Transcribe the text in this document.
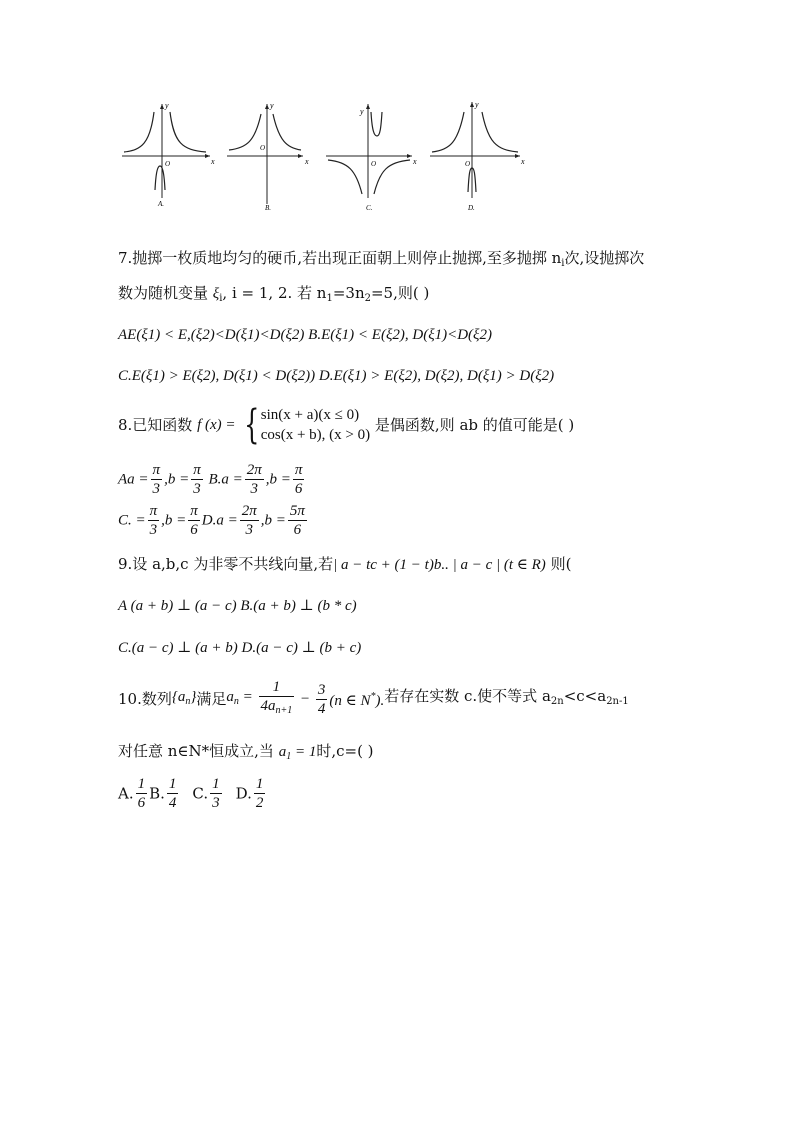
y
x
O
A.
y
x
O
B.
y
x
O
C.
y
x
O
D.
7.抛掷一枚质地均匀的硬币,若出现正面朝上则停止抛掷,至多抛掷 $n_i$次,设抛掷次
数为随机变量 $\xi_i$, i = 1, 2. 若 $n_1=3n_2=5$,则( )
AE(ξ1) < E,(ξ2)<D(ξ1)<D(ξ2) B.E(ξ1) < E(ξ2), D(ξ1)<D(ξ2)
C.E(ξ1) > E(ξ2), D(ξ1) < D(ξ2)) D.E(ξ1) > E(ξ2), D(ξ2), D(ξ1) > D(ξ2)
8.已知函数 f (x) = { sin(x + a)(x ≤ 0)
cos(x + b), (x > 0)
是偶函数,则 ab 的值可能是( )
$Aa = \frac{\pi}{3} ,b = \frac{\pi}{3} B.a = \frac{2\pi}{3} ,b = \frac{\pi}{6}$
C. = $\frac{\pi}{3} ,b = \frac{\pi}{6} D.a = \frac{2\pi}{3} ,b = \frac{5\pi}{6}$
9.设 a,b,c 为非零不共线向量,若| a − tc + (1 − t)b.. | a − c | (t ∈ R) 则(
A (a + b) ⊥ (a − c) B.(a + b) ⊥ (b * c)
C.(a − c) ⊥ (a + b) D.(a − c) ⊥ (b + c)
10.数列$\{a_n\}$满足$a_n = \frac{1}{4a_{n+1}} - \frac{3}{4} (n$ ∈ N*).若存在实数 c.使不等式 $a_{2n}<c<a_{2n-1}$
对任意 n∈N*恒成立,当 $a_1 = 1$时,c=( )
A. $\frac{1}{6} B$. $\frac{1}{4} C$. $\frac{1}{3} D$. $\frac{1}{2}$
